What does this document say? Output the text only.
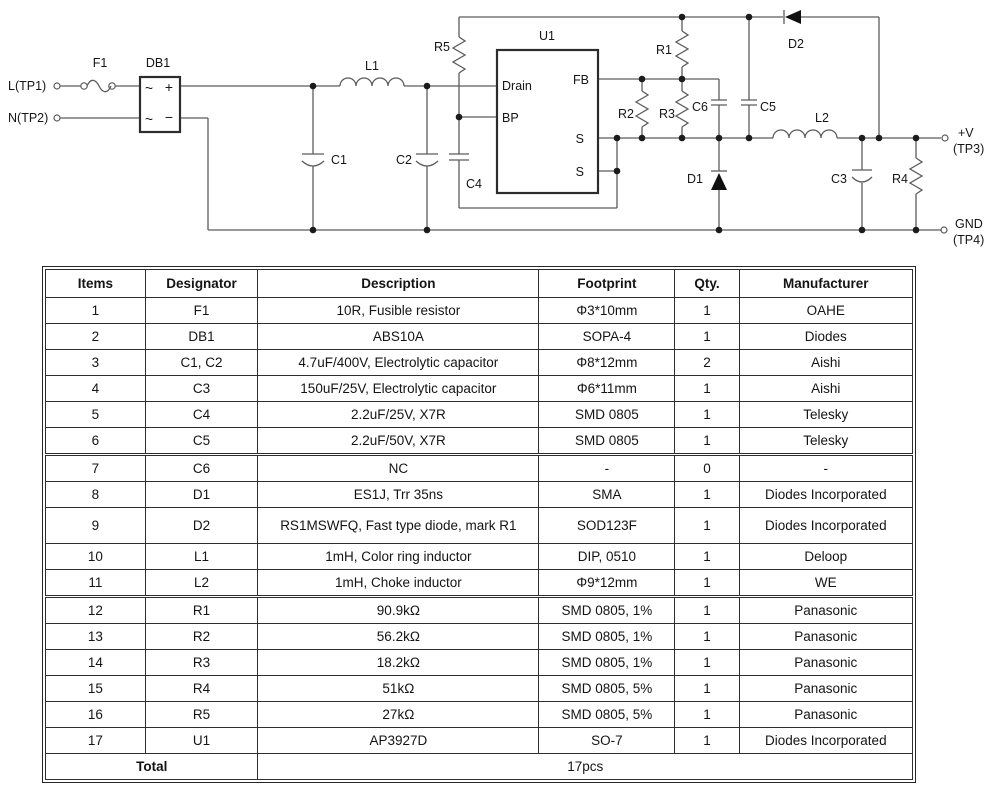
~ +
~ −
Drain
BP
FB
S
S
L(TP1)
N(TP2)
F1	DB1
C1
L1
C2
R5
C4
U1
R1
R2 R3 C6	C5
D2
D1
L2
C3	R4
+V
(TP3)
GND
(TP4)
Items	Designator	Description	Footprint	Qty.	Manufacturer
1	F1	10R, Fusible resistor	Φ3*10mm	1	OAHE
2	DB1	ABS10A	SOPA-4	1	Diodes
3	C1, C2	4.7uF/400V, Electrolytic capacitor	Φ8*12mm	2	Aishi
4	C3	150uF/25V, Electrolytic capacitor	Φ6*11mm	1	Aishi
5	C4	2.2uF/25V, X7R	SMD 0805	1	Telesky
6	C5	2.2uF/50V, X7R	SMD 0805	1	Telesky
7	C6	NC	-	0	-
8	D1	ES1J, Trr 35ns	SMA	1	Diodes Incorporated
9	D2	RS1MSWFQ, Fast type diode, mark R1	SOD123F	1	Diodes Incorporated
10	L1	1mH, Color ring inductor	DIP, 0510	1	Deloop
11	L2	1mH, Choke inductor	Φ9*12mm	1	WE
12	R1	90.9kΩ	SMD 0805, 1%	1	Panasonic
13	R2	56.2kΩ	SMD 0805, 1%	1	Panasonic
14	R3	18.2kΩ	SMD 0805, 1%	1	Panasonic
15	R4	51kΩ	SMD 0805, 5%	1	Panasonic
16	R5	27kΩ	SMD 0805, 5%	1	Panasonic
17	U1	AP3927D	SO-7	1	Diodes Incorporated
Total		17pcs			
